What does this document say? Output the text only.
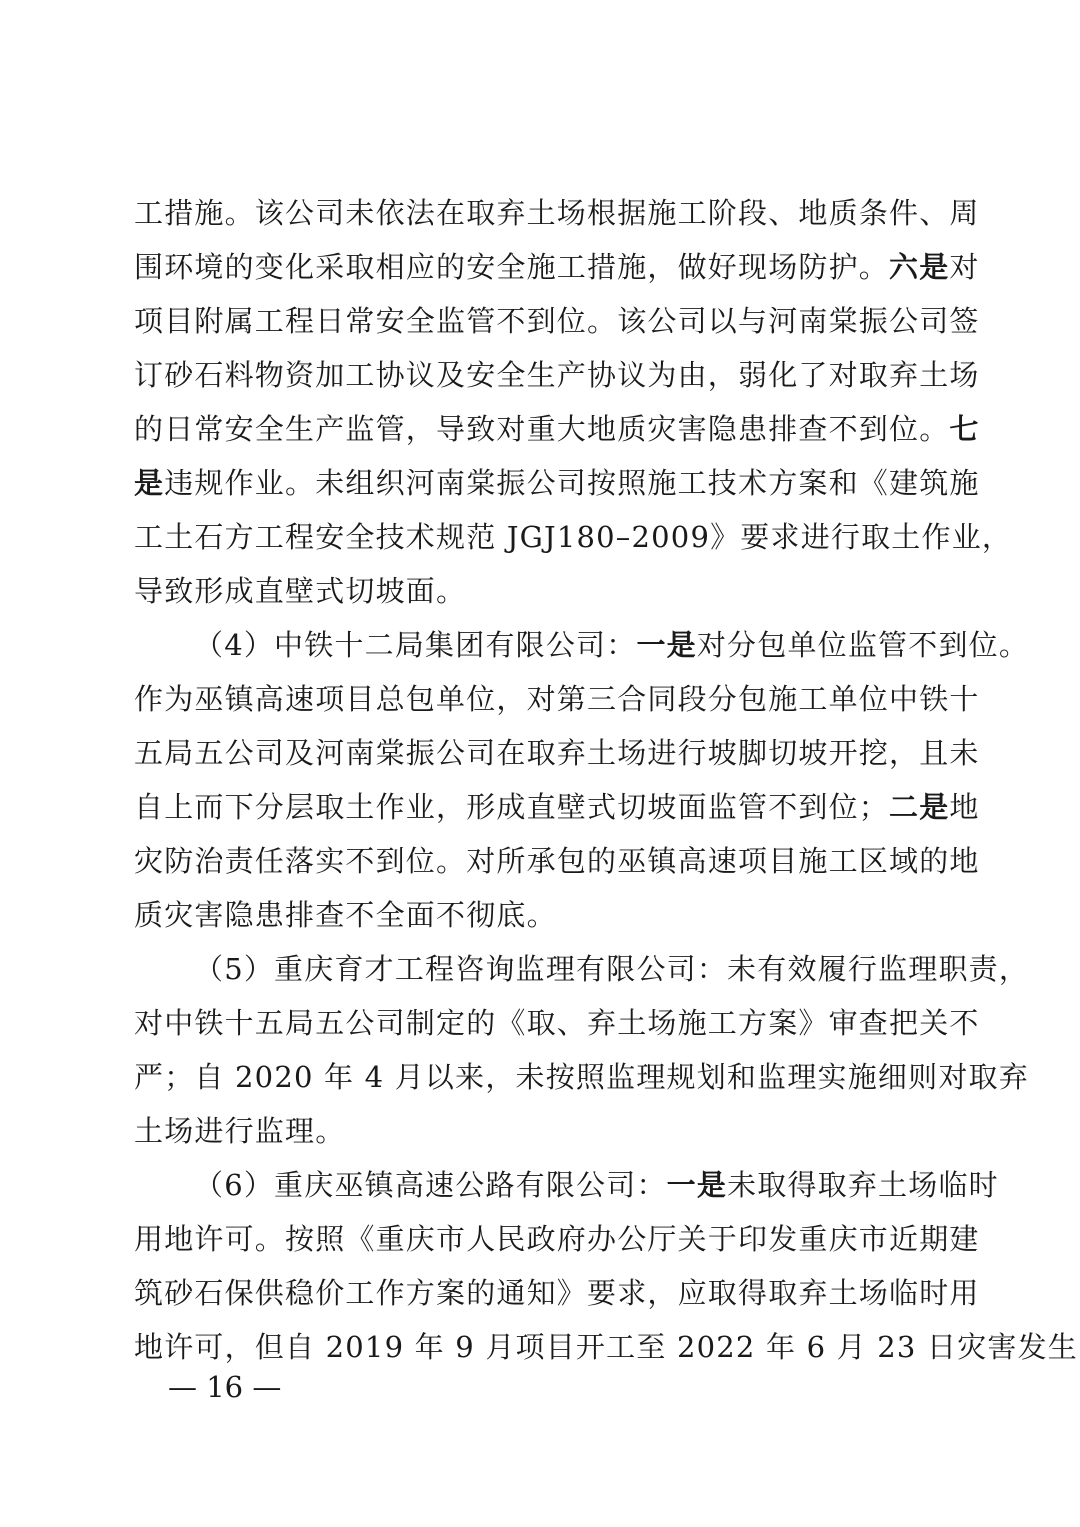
工措施。该公司未依法在取弃土场根据施工阶段、地质条件、周
围环境的变化采取相应的安全施工措施，做好现场防护。六是对
项目附属工程日常安全监管不到位。该公司以与河南棠振公司签
订砂石料物资加工协议及安全生产协议为由，弱化了对取弃土场
的日常安全生产监管，导致对重大地质灾害隐患排查不到位。七
是违规作业。未组织河南棠振公司按照施工技术方案和《建筑施
工土石方工程安全技术规范 JGJ180–2009》要求进行取土作业，
导致形成直壁式切坡面。
（4）中铁十二局集团有限公司：一是对分包单位监管不到位。
作为巫镇高速项目总包单位，对第三合同段分包施工单位中铁十
五局五公司及河南棠振公司在取弃土场进行坡脚切坡开挖，且未
自上而下分层取土作业，形成直壁式切坡面监管不到位；二是地
灾防治责任落实不到位。对所承包的巫镇高速项目施工区域的地
质灾害隐患排查不全面不彻底。
（5）重庆育才工程咨询监理有限公司：未有效履行监理职责，
对中铁十五局五公司制定的《取、弃土场施工方案》审查把关不
严；自 2020 年 4 月以来，未按照监理规划和监理实施细则对取弃
土场进行监理。
（6）重庆巫镇高速公路有限公司：一是未取得取弃土场临时
用地许可。按照《重庆市人民政府办公厅关于印发重庆市近期建
筑砂石保供稳价工作方案的通知》要求，应取得取弃土场临时用
地许可，但自 2019 年 9 月项目开工至 2022 年 6 月 23 日灾害发生
— 16 —
